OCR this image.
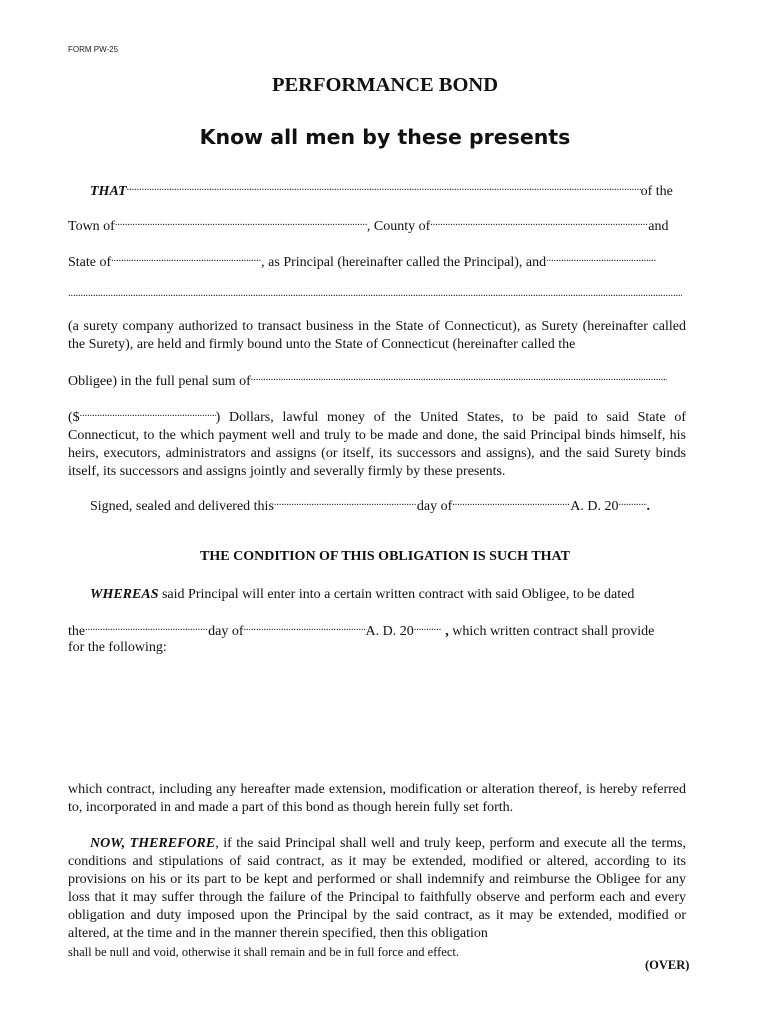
FORM PW-25
PERFORMANCE BOND
Know all men by these presents
THAT .....	of the
Town of .....	, County of .....	and
State of .....	, as Principal (hereinafter called the Principal), and.....
.....
(a surety company authorized to transact business in the State of Connecticut), as Surety (hereinafter called the Surety), are held and firmly bound unto the State of Connecticut (hereinafter called the
Obligee) in the full penal sum of.....
($ .....	) Dollars, lawful money of the United States, to be paid to said State of Connecticut, to the which payment well and truly to be made and done, the said Principal binds himself, his heirs, executors, administrators and assigns (or itself, its successors and assigns), and the said Surety binds itself, its successors and assigns jointly and severally firmly by these presents.
Signed, sealed and delivered this .....	day of .....	A. D. 20 ..... .
THE CONDITION OF THIS OBLIGATION IS SUCH THAT
WHEREAS said Principal will enter into a certain written contract with said Obligee, to be dated
the .....	day of .....	A. D. 20..... , which written contract shall provide
for the following:
which contract, including any hereafter made extension, modification or alteration thereof, is hereby referred to, incorporated in and made a part of this bond as though herein fully set forth.
NOW, THEREFORE, if the said Principal shall well and truly keep, perform and execute all the terms, conditions and stipulations of said contract, as it may be extended, modified or altered, according to its provisions on his or its part to be kept and performed or shall indemnify and reimburse the Obligee for any loss that it may suffer through the failure of the Principal to faithfully observe and perform each and every obligation and duty imposed upon the Principal by the said contract, as it may be extended, modified or altered, at the time and in the manner therein specified, then this obligation
shall be null and void, otherwise it shall remain and be in full force and effect.
(OVER)
